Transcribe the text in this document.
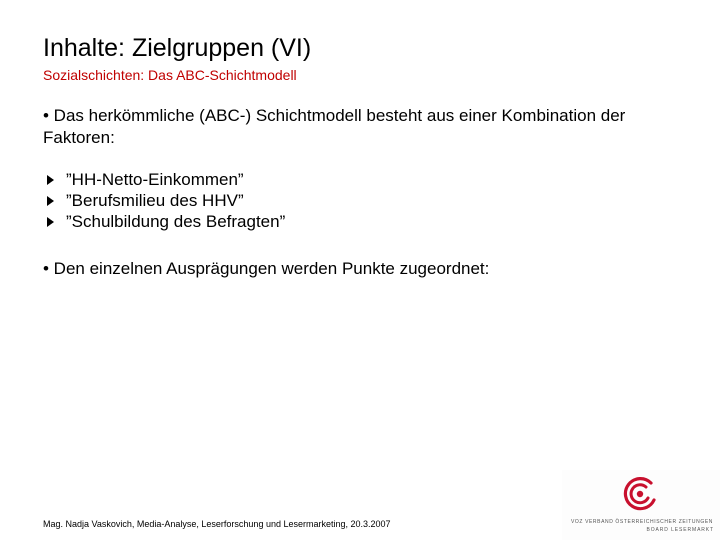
Inhalte: Zielgruppen (VI)
Sozialschichten: Das ABC-Schichtmodell
• Das herkömmliche (ABC-) Schichtmodell besteht aus einer Kombination der Faktoren:
”HH-Netto-Einkommen”
”Berufsmilieu des HHV”
”Schulbildung des Befragten”
• Den einzelnen Ausprägungen werden Punkte zugeordnet:
Mag. Nadja Vaskovich, Media-Analyse, Leserforschung und Lesermarketing, 20.3.2007	VOZ VERBAND ÖSTERREICHISCHER ZEITUNGEN
BOARD LESERMARKT
